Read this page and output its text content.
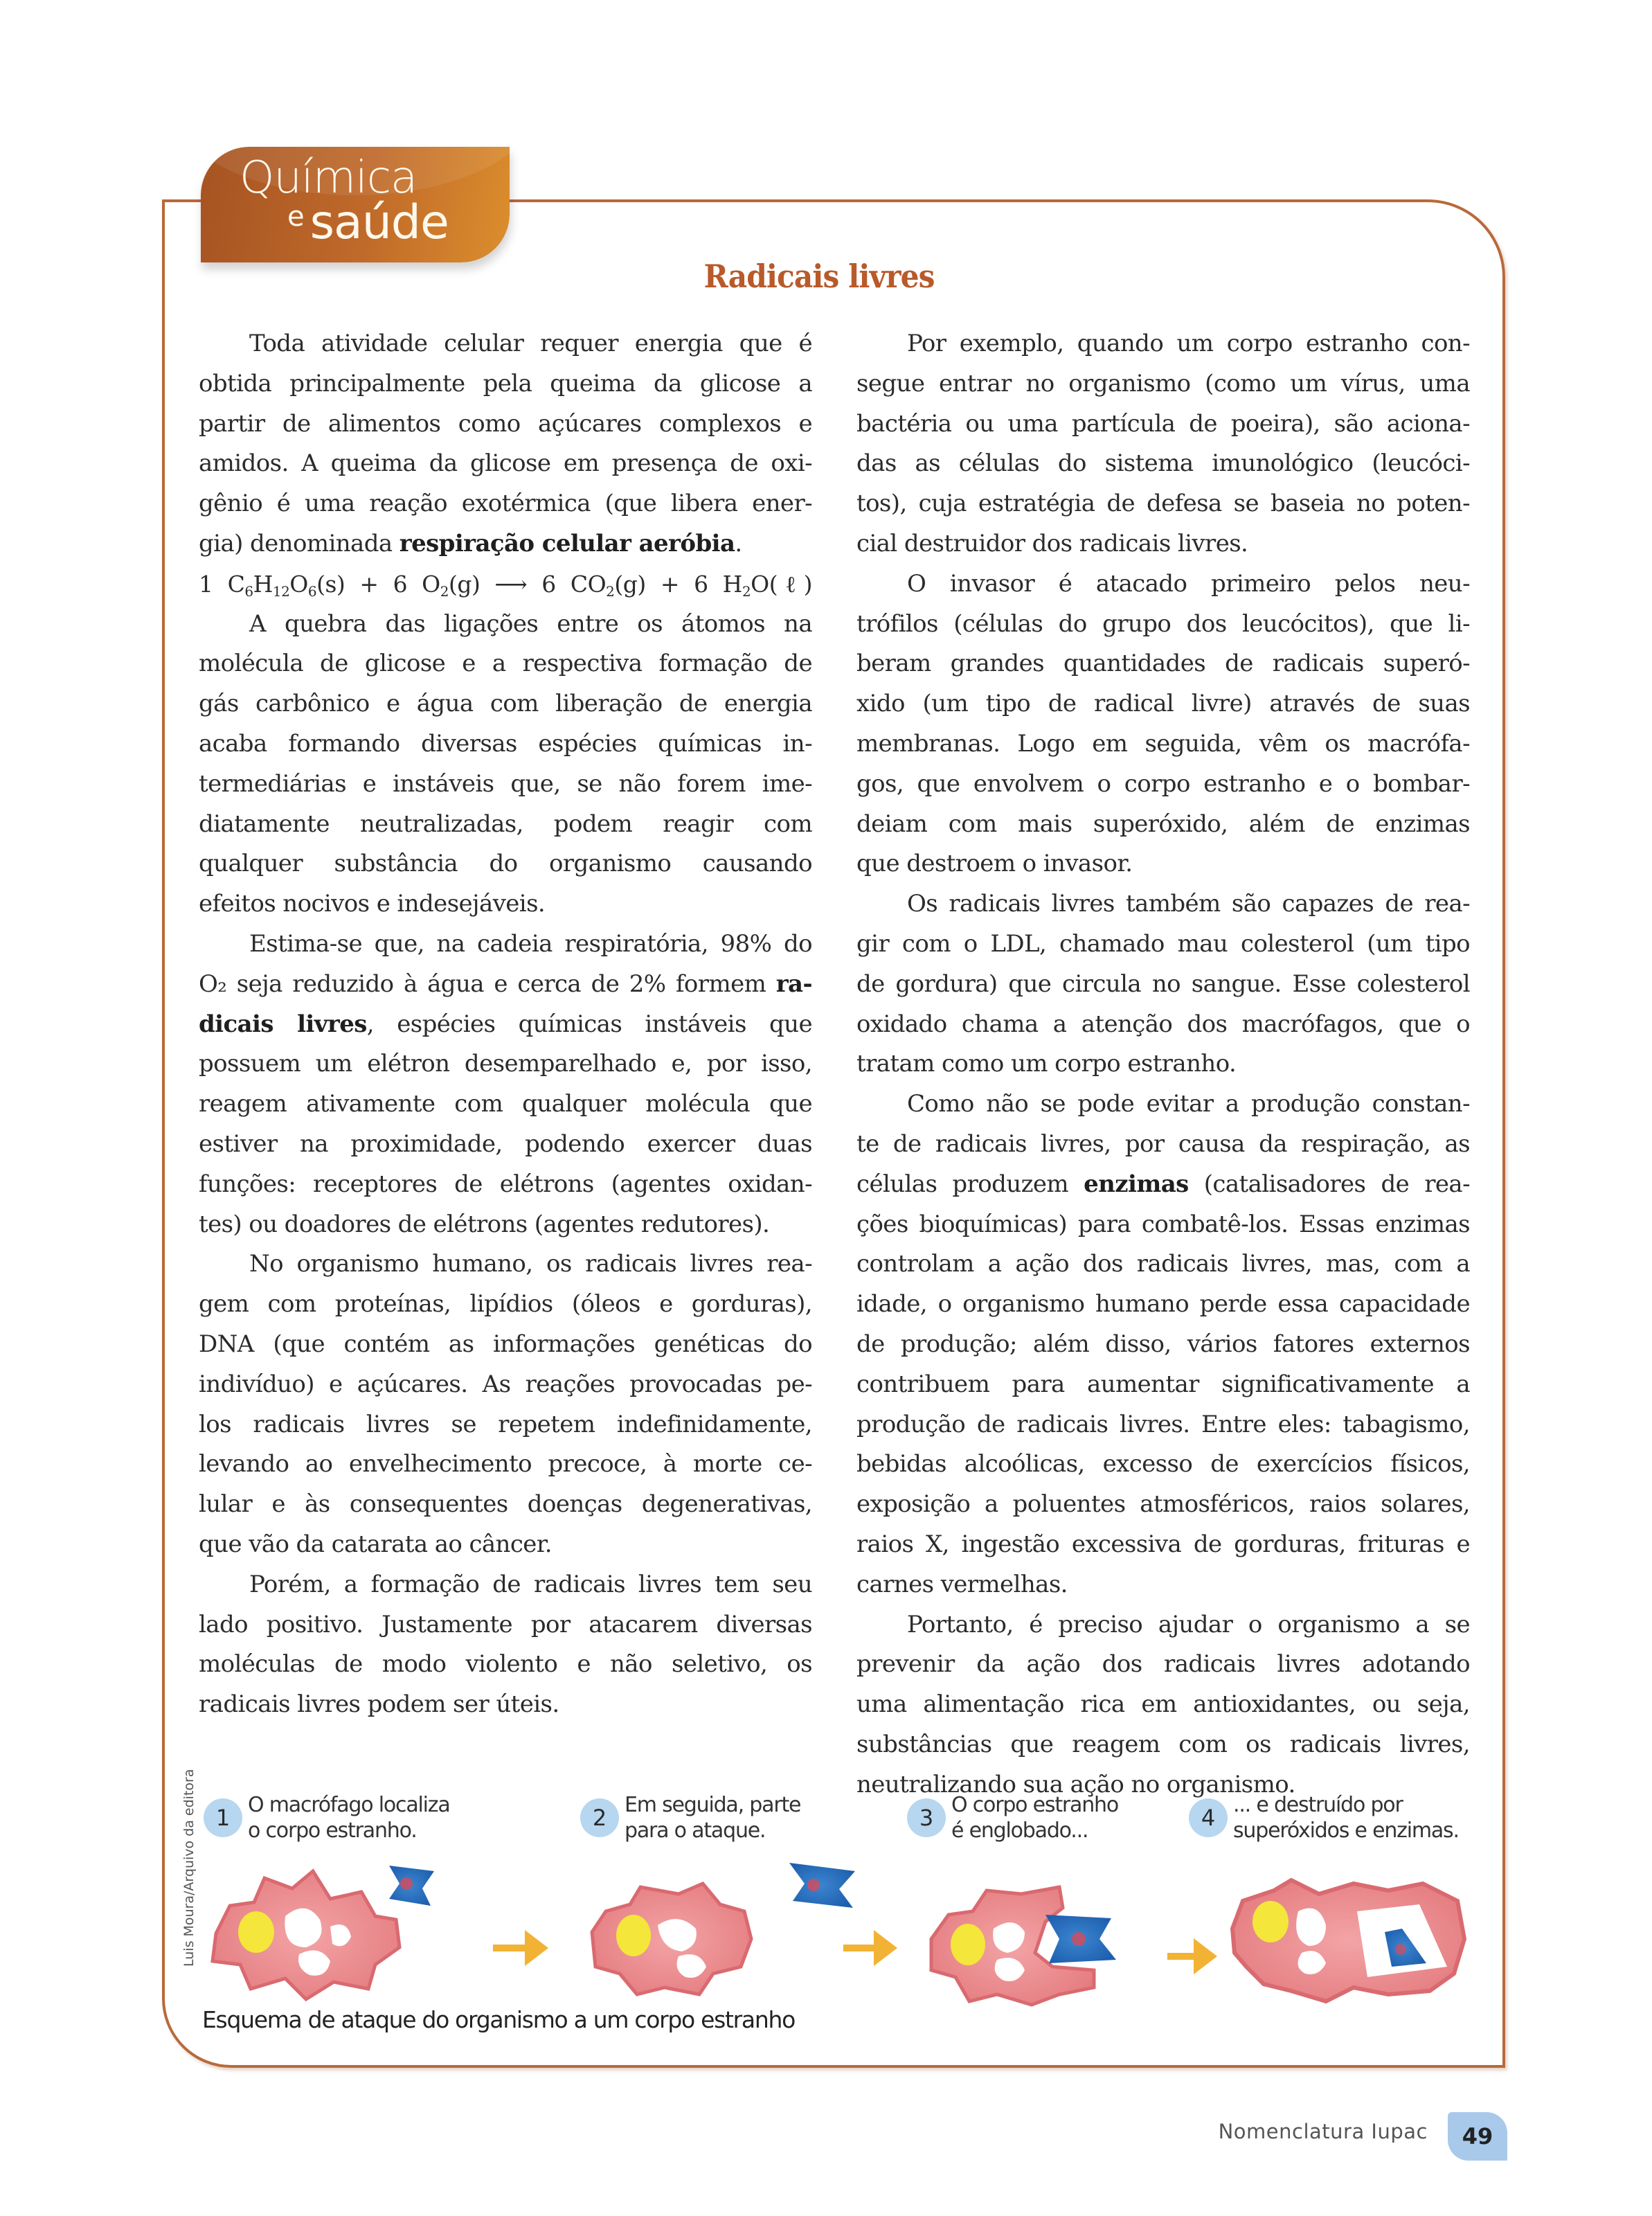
Química
e saúde
Radicais livres
Toda atividade celular requer energia que é
obtida principalmente pela queima da glicose a
partir de alimentos como açúcares complexos e
amidos. A queima da glicose em presença de oxi-
gênio é uma reação exotérmica (que libera ener-
gia) denominada respiração celular aeróbia.
1 $C_6H_{12}O_6(s) + 6$ $O_2(g)$ ⟶ 6 $CO_2(g) + 6$ $H_2O(\ell)$
A quebra das ligações entre os átomos na
molécula de glicose e a respectiva formação de
gás carbônico e água com liberação de energia
acaba formando diversas espécies químicas in-
termediárias e instáveis que, se não forem ime-
diatamente neutralizadas, podem reagir com
qualquer substância do organismo causando
efeitos nocivos e indesejáveis.
Estima-se que, na cadeia respiratória, 98% do
O₂ seja reduzido à água e cerca de 2% formem ra-
dicais livres, espécies químicas instáveis que
possuem um elétron desemparelhado e, por isso,
reagem ativamente com qualquer molécula que
estiver na proximidade, podendo exercer duas
funções: receptores de elétrons (agentes oxidan-
tes) ou doadores de elétrons (agentes redutores).
No organismo humano, os radicais livres rea-
gem com proteínas, lipídios (óleos e gorduras),
DNA (que contém as informações genéticas do
indivíduo) e açúcares. As reações provocadas pe-
los radicais livres se repetem indefinidamente,
levando ao envelhecimento precoce, à morte ce-
lular e às consequentes doenças degenerativas,
que vão da catarata ao câncer.
Porém, a formação de radicais livres tem seu
lado positivo. Justamente por atacarem diversas
moléculas de modo violento e não seletivo, os
radicais livres podem ser úteis.
Por exemplo, quando um corpo estranho con-
segue entrar no organismo (como um vírus, uma
bactéria ou uma partícula de poeira), são aciona-
das as células do sistema imunológico (leucóci-
tos), cuja estratégia de defesa se baseia no poten-
cial destruidor dos radicais livres.
O invasor é atacado primeiro pelos neu-
trófilos (células do grupo dos leucócitos), que li-
beram grandes quantidades de radicais superó-
xido (um tipo de radical livre) através de suas
membranas. Logo em seguida, vêm os macrófa-
gos, que envolvem o corpo estranho e o bombar-
deiam com mais superóxido, além de enzimas
que destroem o invasor.
Os radicais livres também são capazes de rea-
gir com o LDL, chamado mau colesterol (um tipo
de gordura) que circula no sangue. Esse colesterol
oxidado chama a atenção dos macrófagos, que o
tratam como um corpo estranho.
Como não se pode evitar a produção constan-
te de radicais livres, por causa da respiração, as
células produzem enzimas (catalisadores de rea-
ções bioquímicas) para combatê-los. Essas enzimas
controlam a ação dos radicais livres, mas, com a
idade, o organismo humano perde essa capacidade
de produção; além disso, vários fatores externos
contribuem para aumentar significativamente a
produção de radicais livres. Entre eles: tabagismo,
bebidas alcoólicas, excesso de exercícios físicos,
exposição a poluentes atmosféricos, raios solares,
raios X, ingestão excessiva de gorduras, frituras e
carnes vermelhas.
Portanto, é preciso ajudar o organismo a se
prevenir da ação dos radicais livres adotando
uma alimentação rica em antioxidantes, ou seja,
substâncias que reagem com os radicais livres,
neutralizando sua ação no organismo.
Luis Moura/Arquivo da editora 1 O macrófago localiza
o corpo estranho.	2 Em seguida, parte
para o ataque.	3 O corpo estranho
é englobado...	4 ... e destruído por
superóxidos e enzimas.
Esquema de ataque do organismo a um corpo estranho
Nomenclatura Iupac	49
